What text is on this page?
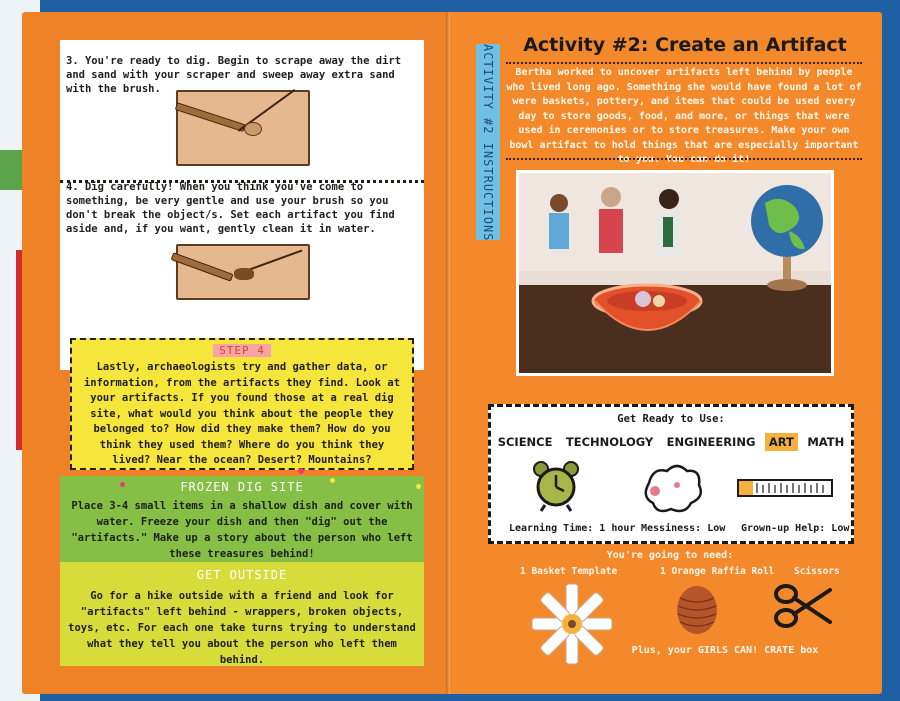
3. You're ready to dig. Begin to scrape away the dirt and sand with your scraper and sweep away extra sand with the brush.
4. Dig carefully! When you think you've come to something, be very gentle and use your brush so you don't break the object/s. Set each artifact you find aside and, if you want, gently clean it in water.
STEP 4
Lastly, archaeologists try and gather data, or information, from the artifacts they find. Look at your artifacts. If you found those at a real dig site, what would you think about the people they belonged to? How did they make them? How do you think they used them? Where do you think they lived? Near the ocean? Desert? Mountains?
FROZEN DIG SITE
Place 3-4 small items in a shallow dish and cover with water. Freeze your dish and then "dig" out the "artifacts." Make up a story about the person who left these treasures behind!
GET OUTSIDE
Go for a hike outside with a friend and look for "artifacts" left behind - wrappers, broken objects, toys, etc. For each one take turns trying to understand what they tell you about the person who left them behind.
ACTIVITY #2 INSTRUCTIONS	Activity #2: Create an Artifact
Bertha worked to uncover artifacts left behind by people who lived long ago. Something she would have found a lot of were baskets, pottery, and items that could be used every day to store goods, food, and more, or things that were used in ceremonies or to store treasures. Make your own bowl artifact to hold things that are especially important to you. You can do it!
Get Ready to Use:
SCIENCE	TECHNOLOGY	ENGINEERING	ART	MATH
Learning Time: 1 hour Messiness: Low Grown-up Help: Low
You're going to need:
1 Basket Template	1 Orange Raffia Roll Scissors
Plus, your GIRLS CAN! CRATE box
